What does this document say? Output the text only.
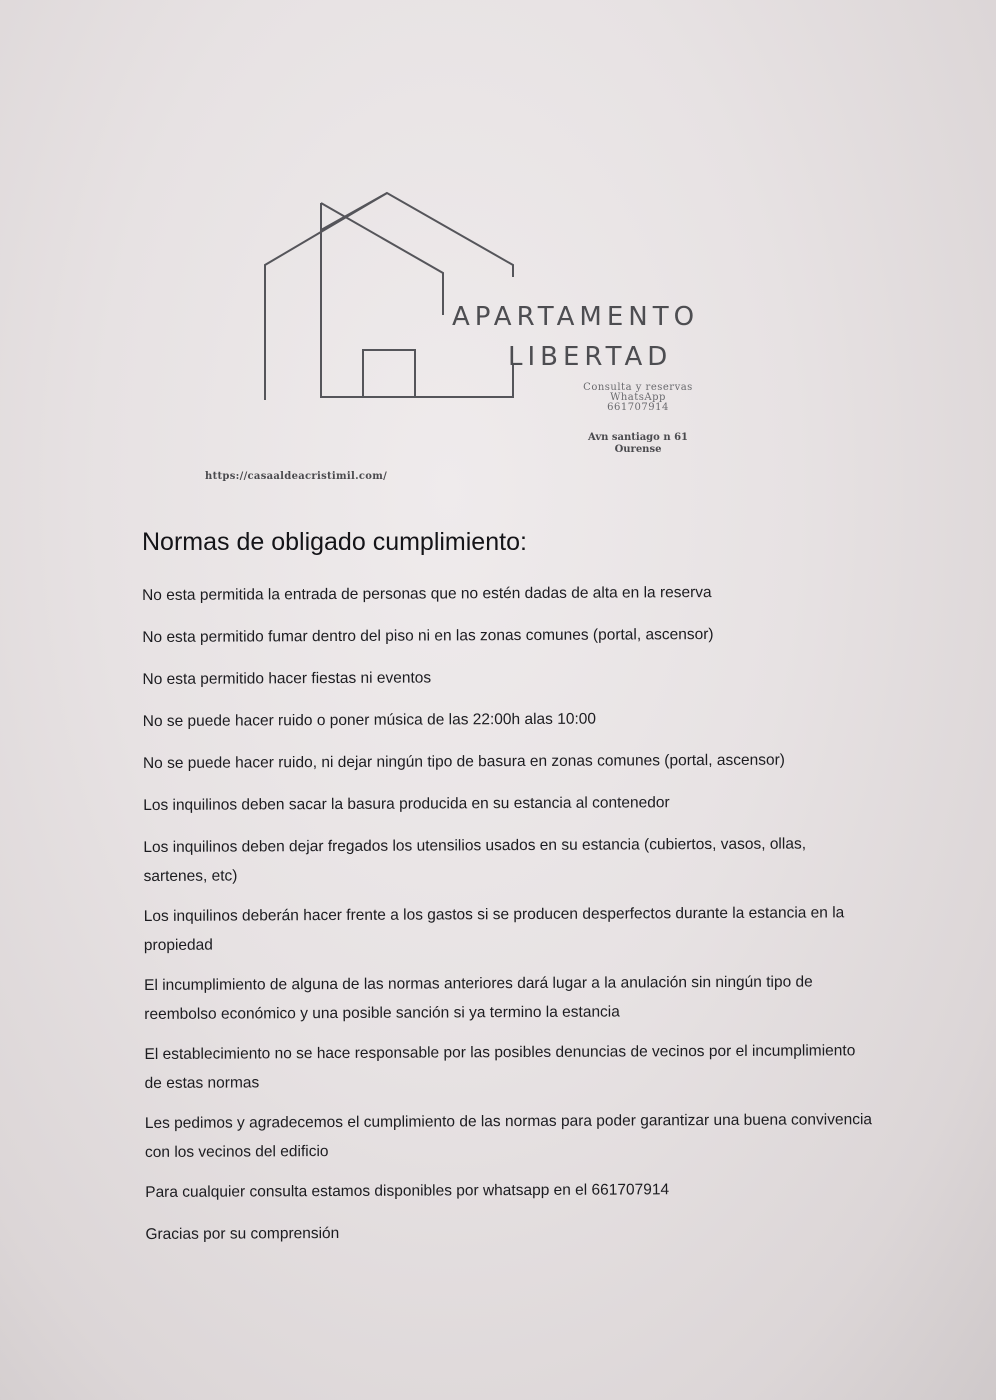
APARTAMENTO
LIBERTAD
Consulta y reservas
WhatsApp
661707914
Avn santiago n 61
Ourense
https://casaaldeacristimil.com/
Normas de obligado cumplimiento:
No esta permitida la entrada de personas que no estén dadas de alta en la reserva
No esta permitido fumar dentro del piso ni en las zonas comunes (portal, ascensor)
No esta permitido hacer fiestas ni eventos
No se puede hacer ruido o poner música de las 22:00h alas 10:00
No se puede hacer ruido, ni dejar ningún tipo de basura en zonas comunes (portal, ascensor)
Los inquilinos deben sacar la basura producida en su estancia al contenedor
Los inquilinos deben dejar fregados los utensilios usados en su estancia (cubiertos, vasos, ollas, sartenes, etc)
Los inquilinos deberán hacer frente a los gastos si se producen desperfectos durante la estancia en la propiedad
El incumplimiento de alguna de las normas anteriores dará lugar a la anulación sin ningún tipo de reembolso económico y una posible sanción si ya termino la estancia
El establecimiento no se hace responsable por las posibles denuncias de vecinos por el incumplimiento de estas normas
Les pedimos y agradecemos el cumplimiento de las normas para poder garantizar una buena convivencia con los vecinos del edificio
Para cualquier consulta estamos disponibles por whatsapp en el 661707914
Gracias por su comprensión
